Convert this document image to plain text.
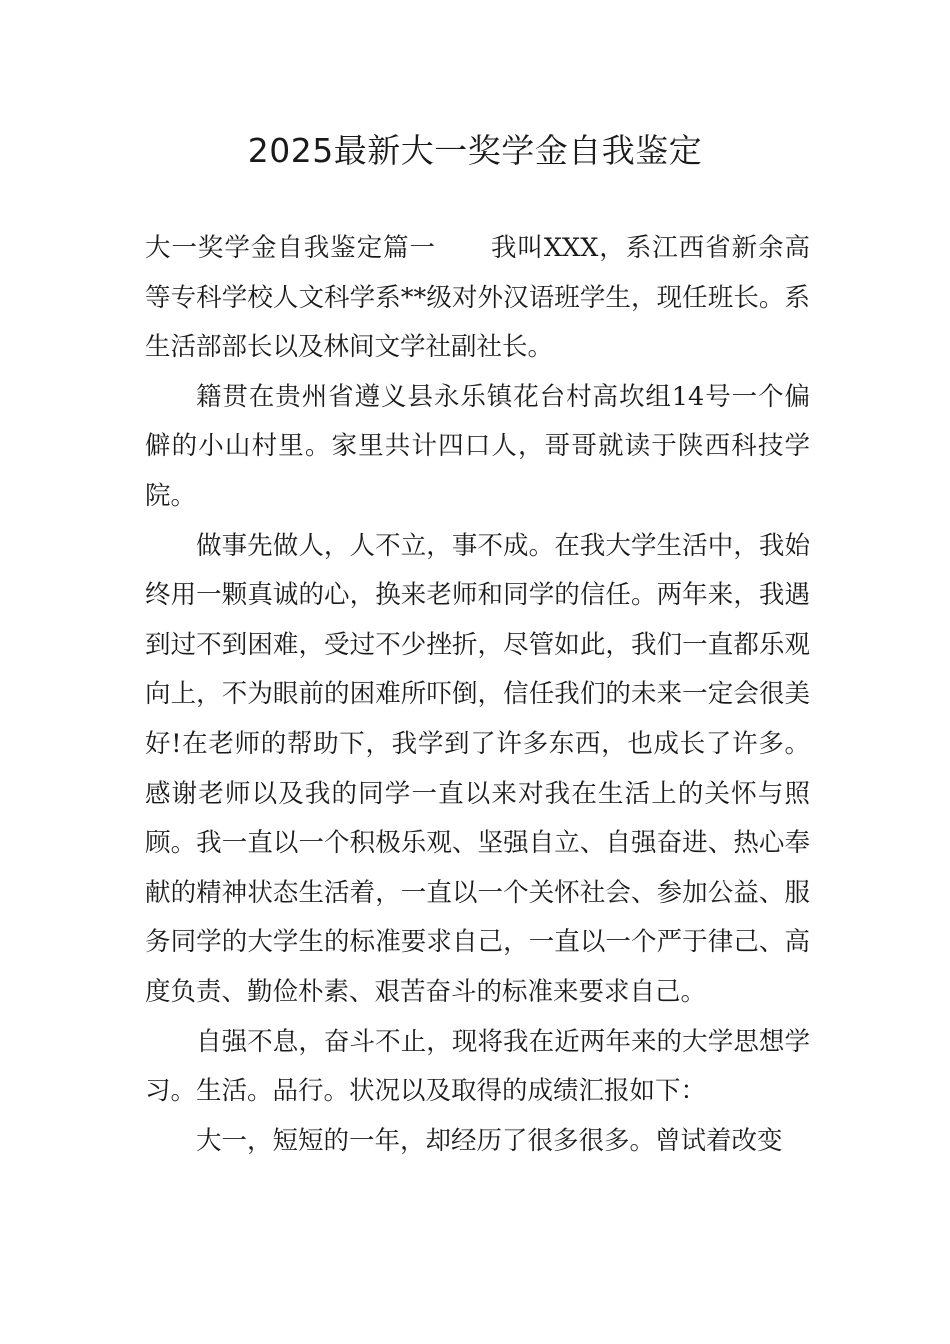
2025最新大一奖学金自我鉴定

大一奖学金自我鉴定篇一 我叫XXX，系江西省新余高等专科学校人文科学系**级对外汉语班学生，现任班长。系生活部部长以及林间文学社副社长。

籍贯在贵州省遵义县永乐镇花台村高坎组14号一个偏僻的小山村里。家里共计四口人，哥哥就读于陕西科技学院。

做事先做人，人不立，事不成。在我大学生活中，我始终用一颗真诚的心，换来老师和同学的信任。两年来，我遇到过不到困难，受过不少挫折，尽管如此，我们一直都乐观向上，不为眼前的困难所吓倒，信任我们的未来一定会很美好!在老师的帮助下，我学到了许多东西，也成长了许多。感谢老师以及我的同学一直以来对我在生活上的关怀与照顾。我一直以一个积极乐观、坚强自立、自强奋进、热心奉献的精神状态生活着，一直以一个关怀社会、参加公益、服务同学的大学生的标准要求自己，一直以一个严于律己、高度负责、勤俭朴素、艰苦奋斗的标准来要求自己。

自强不息，奋斗不止，现将我在近两年来的大学思想学习。生活。品行。状况以及取得的成绩汇报如下：

大一，短短的一年，却经历了很多很多。曾试着改变
